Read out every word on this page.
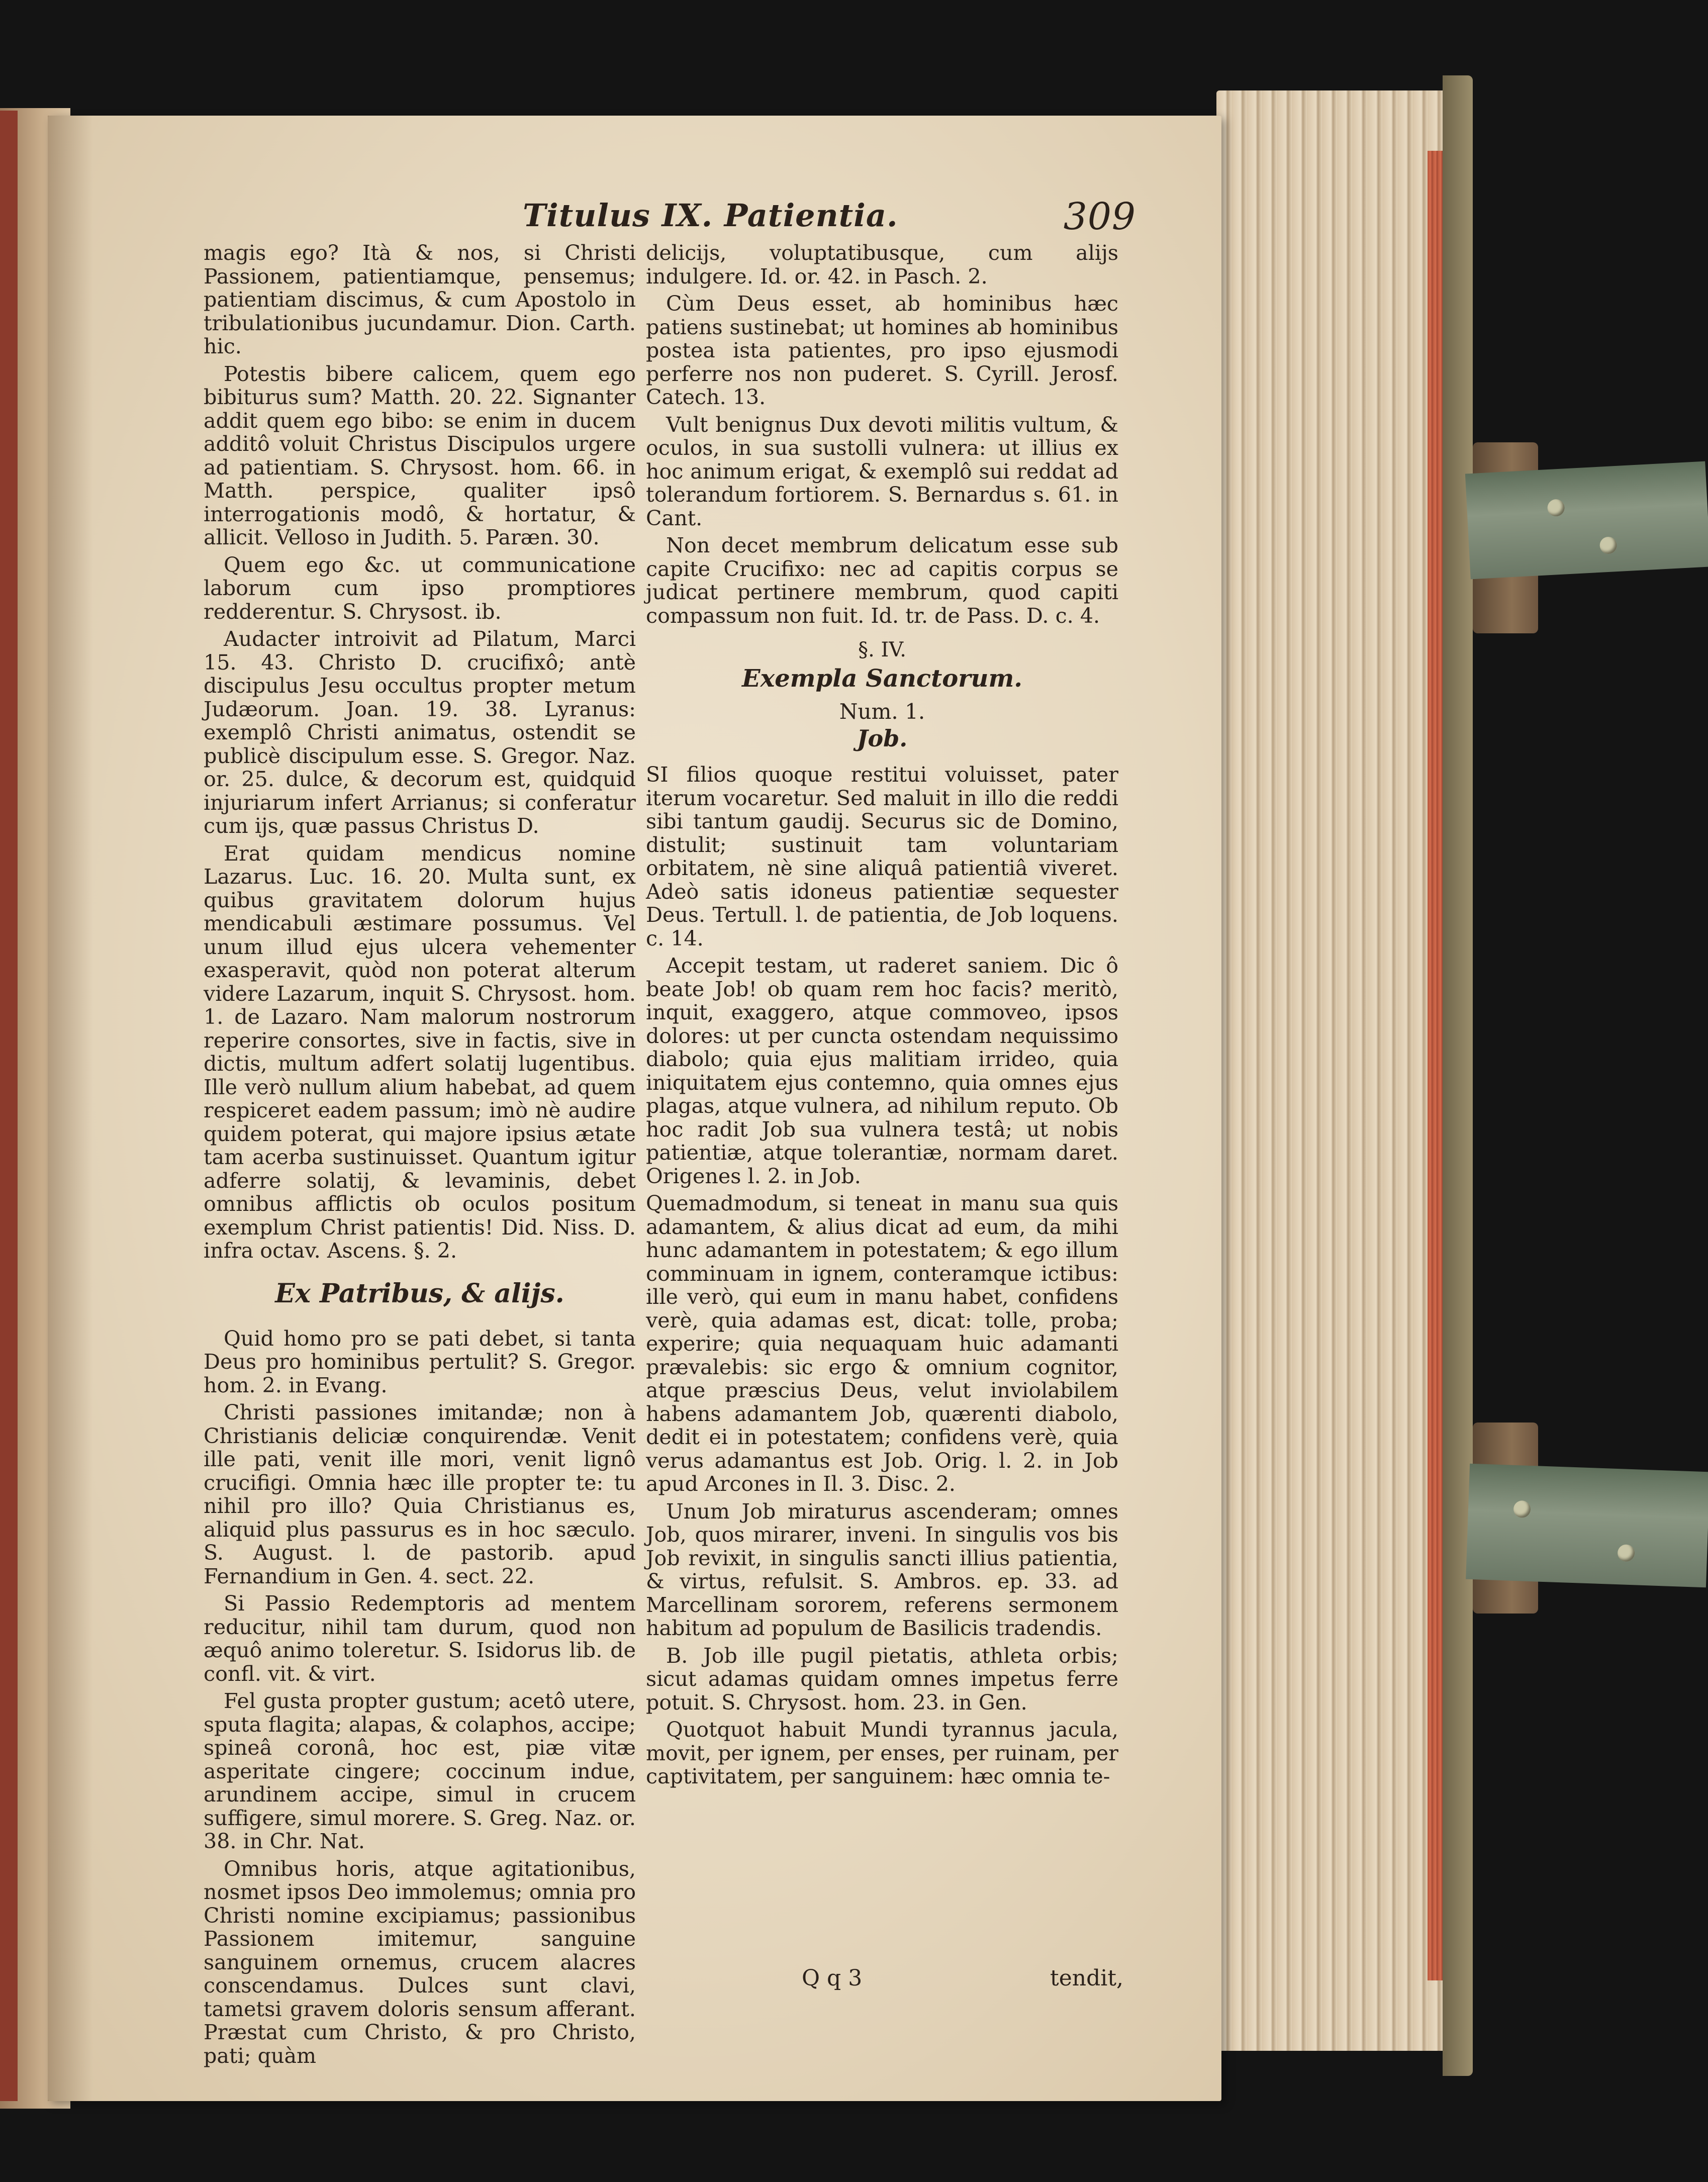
Titulus IX. Patientia.	309
magis ego? Ità & nos, si Christi Passionem, patientiamque, pensemus; patientiam discimus, & cum Apostolo in tribulationibus jucundamur. Dion. Carth. hic.
Potestis bibere calicem, quem ego bibiturus sum? Matth. 20. 22. Signanter addit quem ego bibo: se enim in ducem additô voluit Christus Discipulos urgere ad patientiam. S. Chrysost. hom. 66. in Matth. perspice, qualiter ipsô interrogationis modô, & hortatur, & allicit. Velloso in Judith. 5. Paræn. 30.
Quem ego &c. ut communicatione laborum cum ipso promptiores redderentur. S. Chrysost. ib.
Audacter introivit ad Pilatum, Marci 15. 43. Christo D. crucifixô; antè discipulus Jesu occultus propter metum Judæorum. Joan. 19. 38. Lyranus: exemplô Christi animatus, ostendit se publicè discipulum esse. S. Gregor. Naz. or. 25. dulce, & decorum est, quidquid injuriarum infert Arrianus; si conferatur cum ijs, quæ passus Christus D.
Erat quidam mendicus nomine Lazarus. Luc. 16. 20. Multa sunt, ex quibus gravitatem dolorum hujus mendicabuli æstimare possumus. Vel unum illud ejus ulcera vehementer exasperavit, quòd non poterat alterum videre Lazarum, inquit S. Chrysost. hom. 1. de Lazaro. Nam malorum nostrorum reperire consortes, sive in factis, sive in dictis, multum adfert solatij lugentibus. Ille verò nullum alium habebat, ad quem respiceret eadem passum; imò nè audire quidem poterat, qui majore ipsius ætate tam acerba sustinuisset. Quantum igitur adferre solatij, & levaminis, debet omnibus afflictis ob oculos positum exemplum Christ patientis! Did. Niss. D. infra octav. Ascens. §. 2.
Ex Patribus, & alijs.
Quid homo pro se pati debet, si tanta Deus pro hominibus pertulit? S. Gregor. hom. 2. in Evang.
Christi passiones imitandæ; non à Christianis deliciæ conquirendæ. Venit ille pati, venit ille mori, venit lignô crucifigi. Omnia hæc ille propter te: tu nihil pro illo? Quia Christianus es, aliquid plus passurus es in hoc sæculo. S. August. l. de pastorib. apud Fernandium in Gen. 4. sect. 22.
Si Passio Redemptoris ad mentem reducitur, nihil tam durum, quod non æquô animo toleretur. S. Isidorus lib. de confl. vit. & virt.
Fel gusta propter gustum; acetô utere, sputa flagita; alapas, & colaphos, accipe; spineâ coronâ, hoc est, piæ vitæ asperitate cingere; coccinum indue, arundinem accipe, simul in crucem suffigere, simul morere. S. Greg. Naz. or. 38. in Chr. Nat.
Omnibus horis, atque agitationibus, nosmet ipsos Deo immolemus; omnia pro Christi nomine excipiamus; passionibus Passionem imitemur, sanguine sanguinem ornemus, crucem alacres conscendamus. Dulces sunt clavi, tametsi gravem doloris sensum afferant. Præstat cum Christo, & pro Christo, pati; quàm
delicijs, voluptatibusque, cum alijs indulgere. Id. or. 42. in Pasch. 2.
Cùm Deus esset, ab hominibus hæc patiens sustinebat; ut homines ab hominibus postea ista patientes, pro ipso ejusmodi perferre nos non puderet. S. Cyrill. Jerosf. Catech. 13.
Vult benignus Dux devoti militis vultum, & oculos, in sua sustolli vulnera: ut illius ex hoc animum erigat, & exemplô sui reddat ad tolerandum fortiorem. S. Bernardus s. 61. in Cant.
Non decet membrum delicatum esse sub capite Crucifixo: nec ad capitis corpus se judicat pertinere membrum, quod capiti compassum non fuit. Id. tr. de Pass. D. c. 4.
§. IV.
Exempla Sanctorum.
Num. 1.
Job.
SI filios quoque restitui voluisset, pater iterum vocaretur. Sed maluit in illo die reddi sibi tantum gaudij. Securus sic de Domino, distulit; sustinuit tam voluntariam orbitatem, nè sine aliquâ patientiâ viveret. Adeò satis idoneus patientiæ sequester Deus. Tertull. l. de patientia, de Job loquens. c. 14.
Accepit testam, ut raderet saniem. Dic ô beate Job! ob quam rem hoc facis? meritò, inquit, exaggero, atque commoveo, ipsos dolores: ut per cuncta ostendam nequissimo diabolo; quia ejus malitiam irrideo, quia iniquitatem ejus contemno, quia omnes ejus plagas, atque vulnera, ad nihilum reputo. Ob hoc radit Job sua vulnera testâ; ut nobis patientiæ, atque tolerantiæ, normam daret. Origenes l. 2. in Job.
Quemadmodum, si teneat in manu sua quis adamantem, & alius dicat ad eum, da mihi hunc adamantem in potestatem; & ego illum comminuam in ignem, conteramque ictibus: ille verò, qui eum in manu habet, confidens verè, quia adamas est, dicat: tolle, proba; experire; quia nequaquam huic adamanti prævalebis: sic ergo & omnium cognitor, atque præscius Deus, velut inviolabilem habens adamantem Job, quærenti diabolo, dedit ei in potestatem; confidens verè, quia verus adamantus est Job. Orig. l. 2. in Job apud Arcones in Il. 3. Disc. 2.
Unum Job miraturus ascenderam; omnes Job, quos mirarer, inveni. In singulis vos bis Job revixit, in singulis sancti illius patientia, & virtus, refulsit. S. Ambros. ep. 33. ad Marcellinam sororem, referens sermonem habitum ad populum de Basilicis tradendis.
B. Job ille pugil pietatis, athleta orbis; sicut adamas quidam omnes impetus ferre potuit. S. Chrysost. hom. 23. in Gen.
Quotquot habuit Mundi tyrannus jacula, movit, per ignem, per enses, per ruinam, per captivitatem, per sanguinem: hæc omnia te-
Q q 3	tendit,
